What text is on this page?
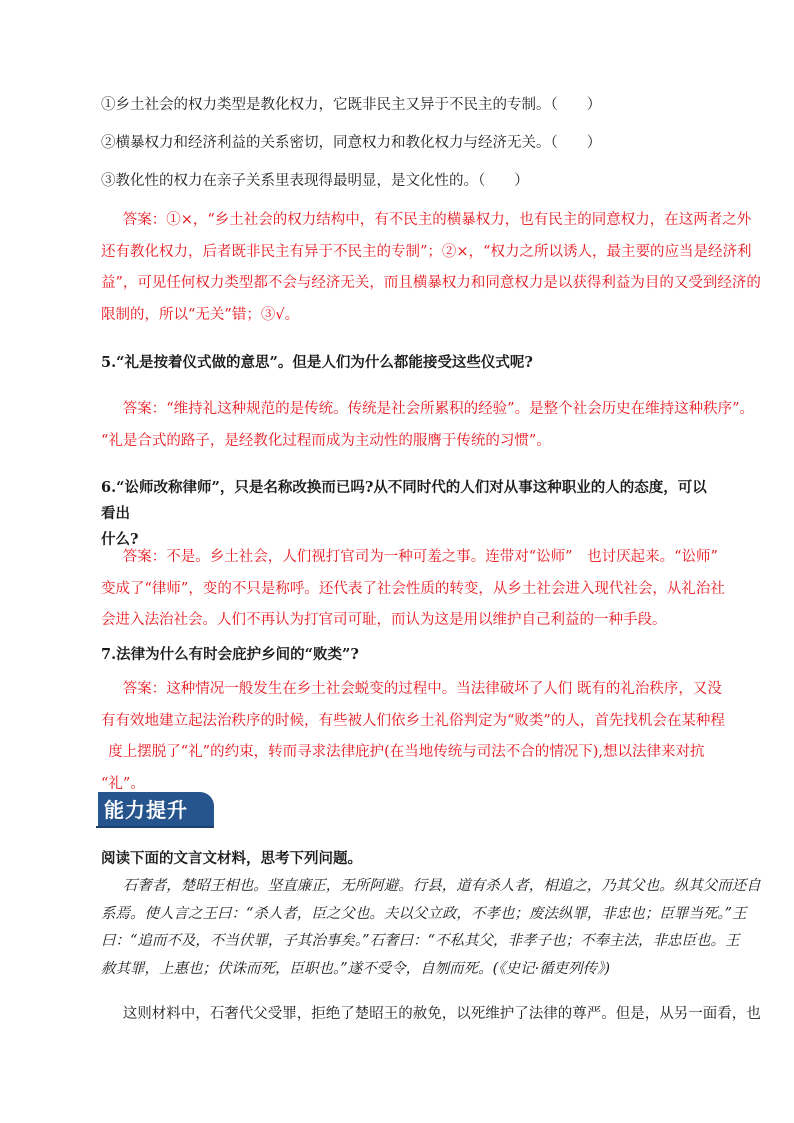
①乡土社会的权力类型是教化权力，它既非民主又异于不民主的专制。（　　）
②横暴权力和经济利益的关系密切，同意权力和教化权力与经济无关。（　　）
③教化性的权力在亲子关系里表现得最明显，是文化性的。（　　）

答案：①×，“乡土社会的权力结构中，有不民主的横暴权力，也有民主的同意权力，在这两者之外

还有教化权力，后者既非民主有异于不民主的专制”；②×，“权力之所以诱人，最主要的应当是经济利

益”，可见任何权力类型都不会与经济无关，而且横暴权力和同意权力是以获得利益为目的又受到经济的

限制的，所以“无关”错；③√。

5.“礼是按着仪式做的意思”。但是人们为什么都能接受这些仪式呢?

答案：“维持礼这种规范的是传统。传统是社会所累积的经验”。是整个社会历史在维持这种秩序”。

“礼是合式的路子，是经教化过程而成为主动性的服膺于传统的习惯”。

6.“讼师改称律师”，只是名称改换而已吗?从不同时代的人们对从事这种职业的人的态度，可以看出
什么?

答案：不是。乡土社会，人们视打官司为一种可羞之事。连带对“讼师”　也讨厌起来。“讼师”

变成了“律师”，变的不只是称呼。还代表了社会性质的转变，从乡土社会进入现代社会，从礼治社

会进入法治社会。人们不再认为打官司可耻，而认为这是用以维护自己利益的一种手段。

7.法律为什么有时会庇护乡间的“败类”?

答案：这种情况一般发生在乡土社会蜕变的过程中。当法律破坏了人们 既有的礼治秩序，又没

有有效地建立起法治秩序的时候，有些被人们依乡土礼俗判定为“败类”的人，首先找机会在某种程

度上摆脱了“礼”的约束，转而寻求法律庇护(在当地传统与司法不合的情况下),想以法律来对抗

“礼”。

能力提升
阅读下面的文言文材料，思考下列问题。

石奢者，楚昭王相也。坚直廉正，无所阿避。行县，道有杀人者，相追之，乃其父也。纵其父而还自

系焉。使人言之王曰：“杀人者，臣之父也。夫以父立政，不孝也；废法纵罪，非忠也；臣罪当死。”王

曰：“追而不及，不当伏罪，子其治事矣。”石奢曰：“不私其父，非孝子也；不奉主法，非忠臣也。王

赦其罪，上惠也；伏诛而死，臣职也。”遂不受令，自刎而死。(《史记·循吏列传》)

这则材料中，石奢代父受罪，拒绝了楚昭王的赦免，以死维护了法律的尊严。但是，从另一面看，也
